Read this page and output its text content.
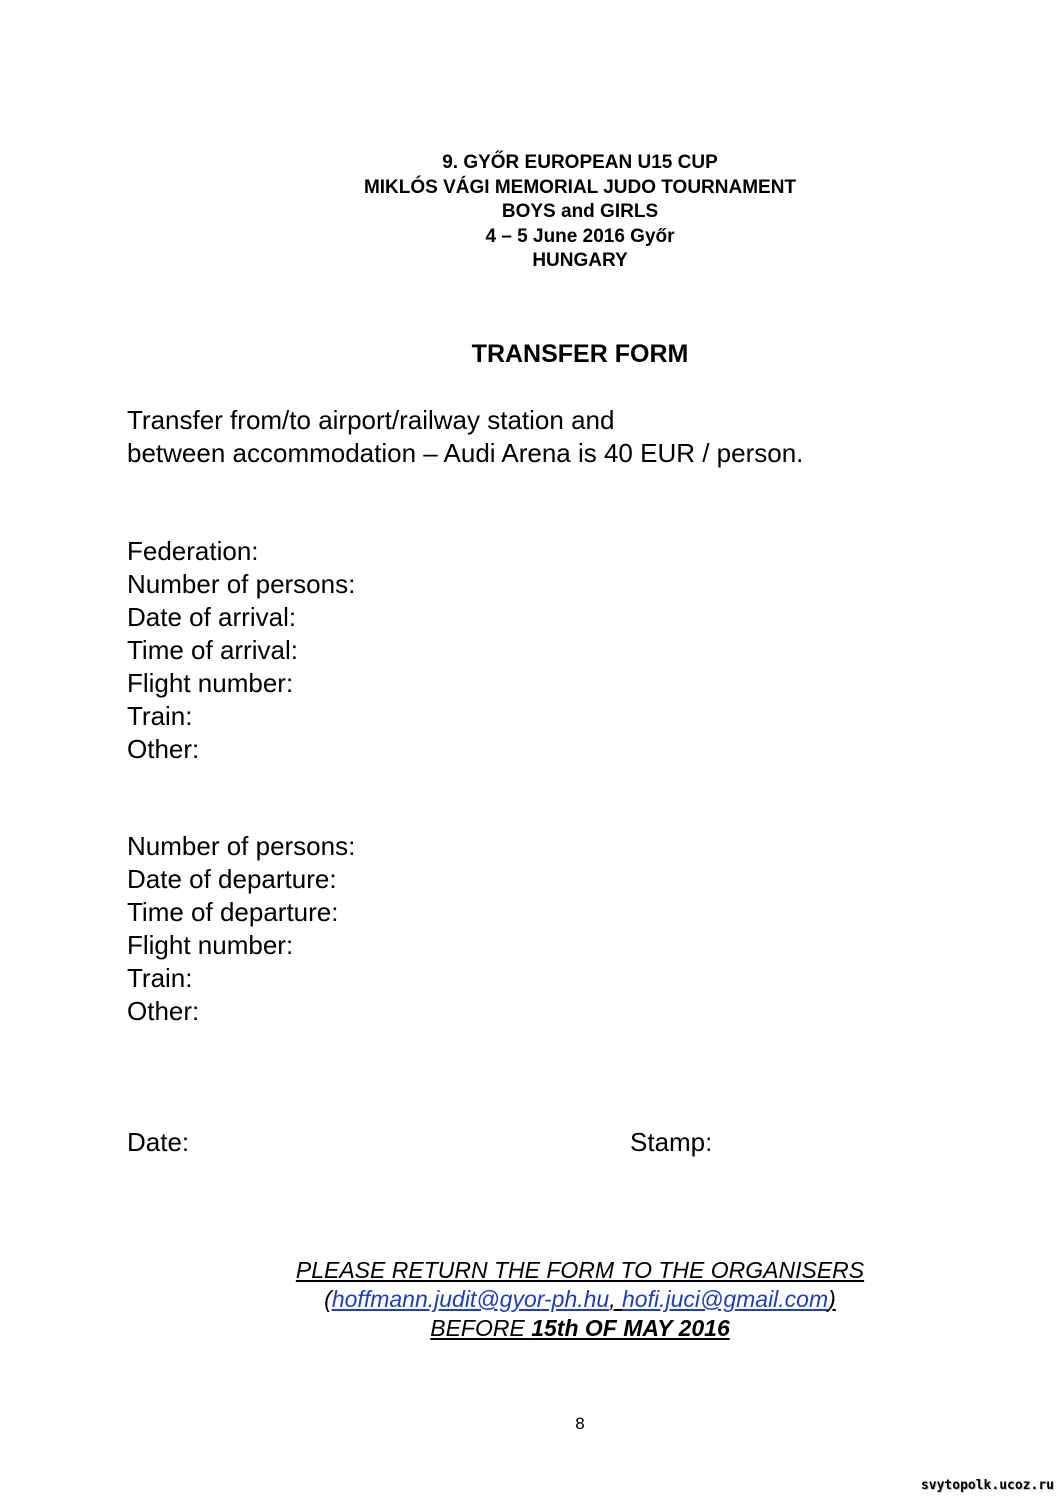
9. GYŐR EUROPEAN U15 CUP
MIKLÓS VÁGI MEMORIAL JUDO TOURNAMENT
BOYS and GIRLS
4 – 5 June 2016 Győr
HUNGARY
TRANSFER FORM
Transfer from/to airport/railway station and
between accommodation – Audi Arena is 40 EUR / person.
Federation:
Number of persons:
Date of arrival:
Time of arrival:
Flight number:
Train:
Other:
Number of persons:
Date of departure:
Time of departure:
Flight number:
Train:
Other:
Date:	Stamp:
PLEASE RETURN THE FORM TO THE ORGANISERS
(hoffmann.judit@gyor-ph.hu, hofi.juci@gmail.com)
BEFORE 15th OF MAY 2016
8
svytopolk.ucoz.ru
